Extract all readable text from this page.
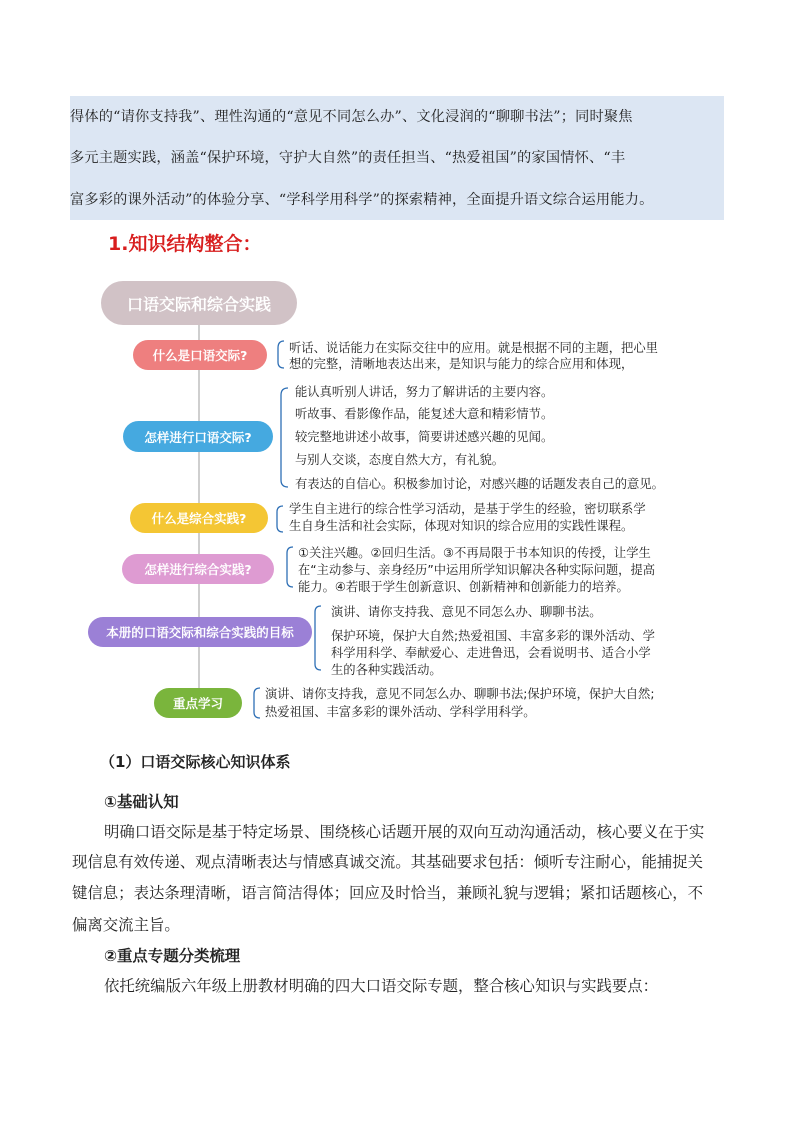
得体的“请你支持我”、理性沟通的“意见不同怎么办”、文化浸润的“聊聊书法”；同时聚焦
多元主题实践，涵盖“保护环境，守护大自然”的责任担当、“热爱祖国”的家国情怀、“丰
富多彩的课外活动”的体验分享、“学科学用科学”的探索精神，全面提升语文综合运用能力。
1.知识结构整合：
口语交际和综合实践
什么是口语交际?
怎样进行口语交际?
什么是综合实践?
怎样进行综合实践?
本册的口语交际和综合实践的目标
重点学习
听话、说话能力在实际交往中的应用。就是根据不同的主题，把心里
想的完整，清晰地表达出来，是知识与能力的综合应用和体现，
能认真听别人讲话，努力了解讲话的主要内容。
听故事、看影像作品，能复述大意和精彩情节。
较完整地讲述小故事，简要讲述感兴趣的见闻。
与别人交谈，态度自然大方，有礼貌。
有表达的自信心。积极参加讨论，对感兴趣的话题发表自己的意见。
学生自主进行的综合性学习活动，是基于学生的经验，密切联系学
生自身生活和社会实际，体现对知识的综合应用的实践性课程。
①关注兴趣。②回归生活。③不再局限于书本知识的传授，让学生
在“主动参与、亲身经历”中运用所学知识解决各种实际问题，提高
能力。④若眼于学生创新意识、创新精神和创新能力的培养。
演讲、请你支持我、意见不同怎么办、聊聊书法。
保护环境，保护大自然;热爱祖国、丰富多彩的课外活动、学
科学用科学、奉献爱心、走进鲁迅，会看说明书、适合小学
生的各种实践活动。
演讲、请你支持我，意见不同怎么办、聊聊书法;保护环境，保护大自然;
热爱祖国、丰富多彩的课外活动、学科学用科学。
（1）口语交际核心知识体系
①基础认知
明确口语交际是基于特定场景、围绕核心话题开展的双向互动沟通活动，核心要义在于实
现信息有效传递、观点清晰表达与情感真诚交流。其基础要求包括：倾听专注耐心，能捕捉关
键信息；表达条理清晰，语言简洁得体；回应及时恰当，兼顾礼貌与逻辑；紧扣话题核心，不
偏离交流主旨。
②重点专题分类梳理
依托统编版六年级上册教材明确的四大口语交际专题，整合核心知识与实践要点：
